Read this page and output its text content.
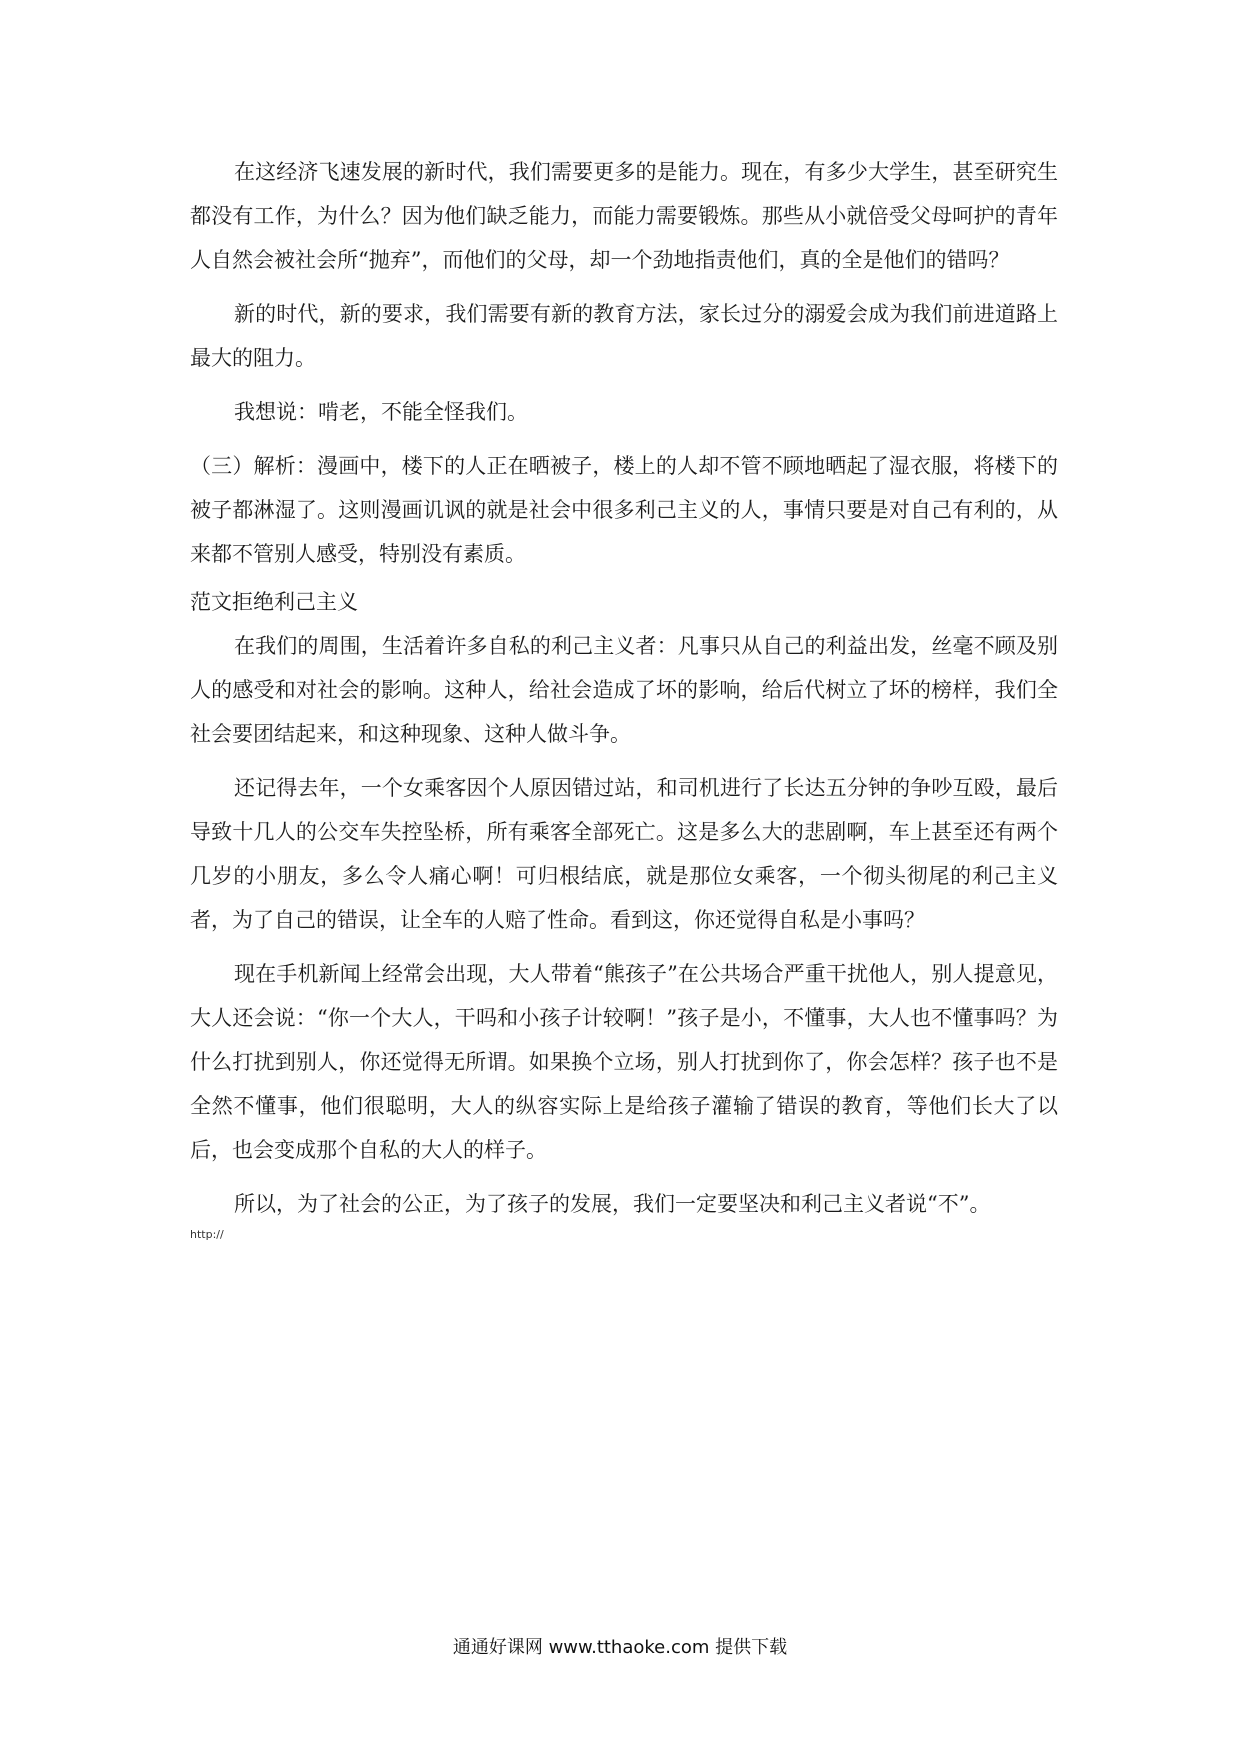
在这经济飞速发展的新时代，我们需要更多的是能力。现在，有多少大学生，甚至研究生都没有工作，为什么？因为他们缺乏能力，而能力需要锻炼。那些从小就倍受父母呵护的青年人自然会被社会所“抛弃”，而他们的父母，却一个劲地指责他们，真的全是他们的错吗？

新的时代，新的要求，我们需要有新的教育方法，家长过分的溺爱会成为我们前进道路上最大的阻力。

我想说：啃老，不能全怪我们。

（三）解析：漫画中，楼下的人正在晒被子，楼上的人却不管不顾地晒起了湿衣服，将楼下的被子都淋湿了。这则漫画讥讽的就是社会中很多利己主义的人，事情只要是对自己有利的，从来都不管别人感受，特别没有素质。

范文拒绝利己主义

在我们的周围，生活着许多自私的利己主义者：凡事只从自己的利益出发，丝毫不顾及别人的感受和对社会的影响。这种人，给社会造成了坏的影响，给后代树立了坏的榜样，我们全社会要团结起来，和这种现象、这种人做斗争。

还记得去年，一个女乘客因个人原因错过站，和司机进行了长达五分钟的争吵互殴，最后导致十几人的公交车失控坠桥，所有乘客全部死亡。这是多么大的悲剧啊，车上甚至还有两个几岁的小朋友，多么令人痛心啊！可归根结底，就是那位女乘客，一个彻头彻尾的利己主义者，为了自己的错误，让全车的人赔了性命。看到这，你还觉得自私是小事吗？

现在手机新闻上经常会出现，大人带着“熊孩子”在公共场合严重干扰他人，别人提意见，大人还会说：“你一个大人，干吗和小孩子计较啊！”孩子是小，不懂事，大人也不懂事吗？为什么打扰到别人，你还觉得无所谓。如果换个立场，别人打扰到你了，你会怎样？孩子也不是全然不懂事，他们很聪明，大人的纵容实际上是给孩子灌输了错误的教育，等他们长大了以后，也会变成那个自私的大人的样子。

所以，为了社会的公正，为了孩子的发展，我们一定要坚决和利己主义者说“不”。

http://

通通好课网 www.tthaoke.com 提供下载
